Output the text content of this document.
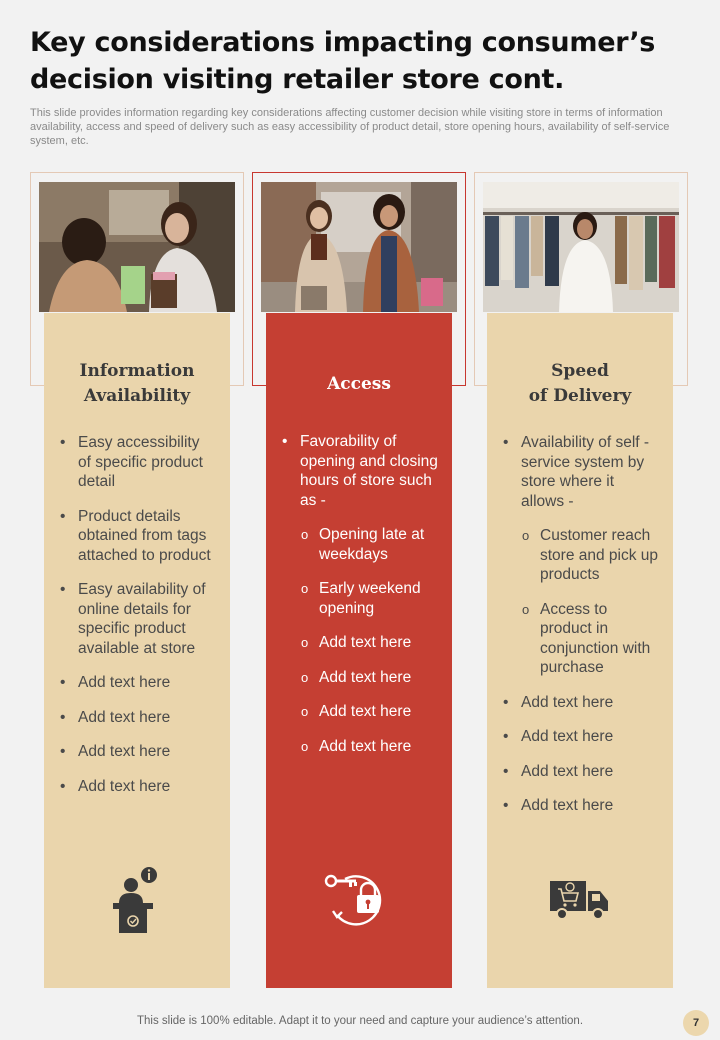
Key considerations impacting consumer’s decision visiting retailer store cont.
This slide provides information regarding key considerations affecting customer decision while visiting store in terms of information availability, access and speed of delivery such as easy accessibility of product detail, store opening hours, availability of self-service system, etc.
Information
Availability
• Easy accessibility of specific product detail
• Product details obtained from tags attached to product
• Easy availability of online details for specific product available at store
• Add text here
• Add text here
• Add text here
• Add text here
Access
• Favorability of opening and closing hours of store such as -
o Opening late at weekdays
o Early weekend opening
o Add text here
o Add text here
o Add text here
o Add text here
Speed
of Delivery
• Availability of self - service system by store where it allows -
o Customer reach store and pick up products
o Access to product in conjunction with purchase
• Add text here
• Add text here
• Add text here
• Add text here
This slide is 100% editable. Adapt it to your need and capture your audience’s attention.	7
